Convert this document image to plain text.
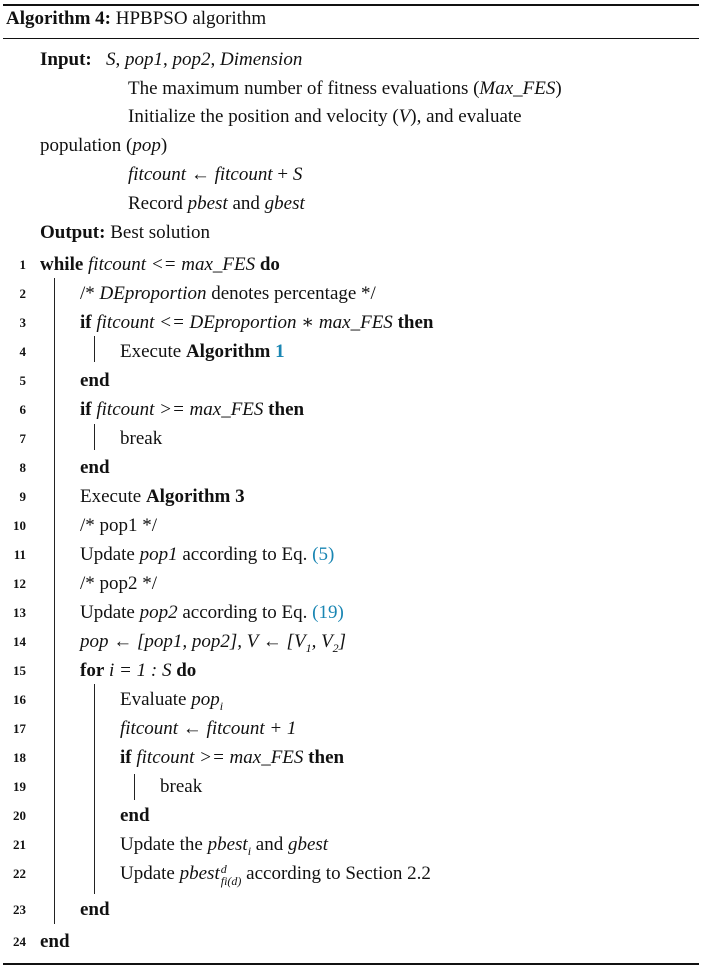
Algorithm 4: HPBPSO algorithm
Input: S, pop1, pop2, Dimension
The maximum number of fitness evaluations (Max_FES)
Initialize the position and velocity (V), and evaluate
population (pop)
fitcount ← fitcount + S
Record pbest and gbest
Output: Best solution
1 while fitcount <= max_FES do
2	/* DEproportion denotes percentage */
3	if fitcount <= DEproportion ∗ max_FES then
4	Execute Algorithm 1
5	end
6	if fitcount >= max_FES then
7	break
8	end
9	Execute Algorithm 3
10	/* pop1 */
11	Update pop1 according to Eq. (5)
12	/* pop2 */
13	Update pop2 according to Eq. (19)
14	pop ← [pop1, pop2], V ← [$V_1$, $V_2$]
15	for i = 1 : S do
16	Evaluate pop$_i$
17	fitcount ← fitcount + 1
18	if fitcount >= max_FES then
19	break
20	end
21	Update the pbest$_i$ and gbest
22	Update pbest d
fi(d) according to Section 2.2
23	end
24 end
